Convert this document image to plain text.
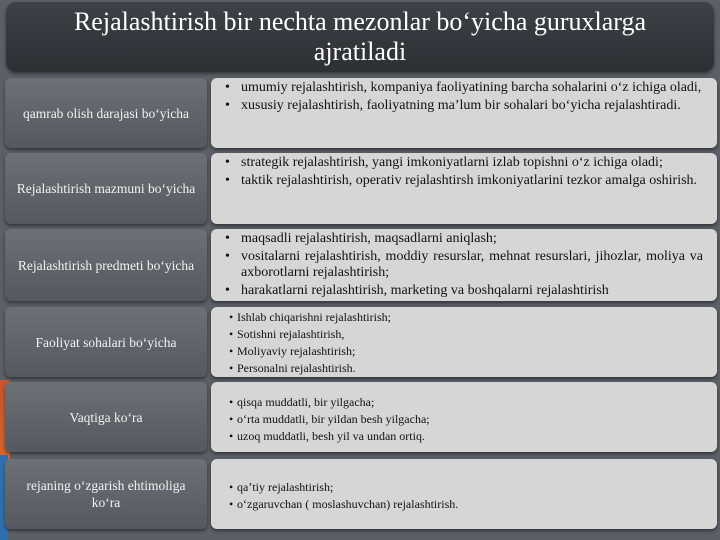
Rejalashtirish bir nechta mezonlar boʻyicha guruxlarga ajratiladi
qamrab olish darajasi boʻyicha
• umumiy rejalashtirish, kompaniya faoliyatining barcha sohalarini oʻz ichiga oladi,
• xususiy rejalashtirish, faoliyatning maʼlum bir sohalari boʻyicha rejalashtiradi.
Rejalashtirish mazmuni boʻyicha
• strategik rejalashtirish, yangi imkoniyatlarni izlab topishni oʻz ichiga oladi;
• taktik rejalashtirish, operativ rejalashtirsh imkoniyatlarini tezkor amalga oshirish.
Rejalashtirish predmeti boʻyicha
• maqsadli rejalashtirish, maqsadlarni aniqlash;
• vositalarni rejalashtirish, moddiy resurslar, mehnat resurslari, jihozlar, moliya va axborotlarni rejalashtirish;
• harakatlarni rejalashtirish, marketing va boshqalarni rejalashtirish
Faoliyat sohalari boʻyicha
• Ishlab chiqarishni rejalashtirish;
• Sotishni rejalashtirish,
• Moliyaviy rejalashtirish;
• Personalni rejalashtirish.
Vaqtiga koʻra
• qisqa muddatli, bir yilgacha;
• oʻrta muddatli, bir yildan besh yilgacha;
• uzoq muddatli, besh yil va undan ortiq.
rejaning oʻzgarish ehtimoliga koʻra
• qaʼtiy rejalashtirish;
• oʻzgaruvchan ( moslashuvchan) rejalashtirish.
